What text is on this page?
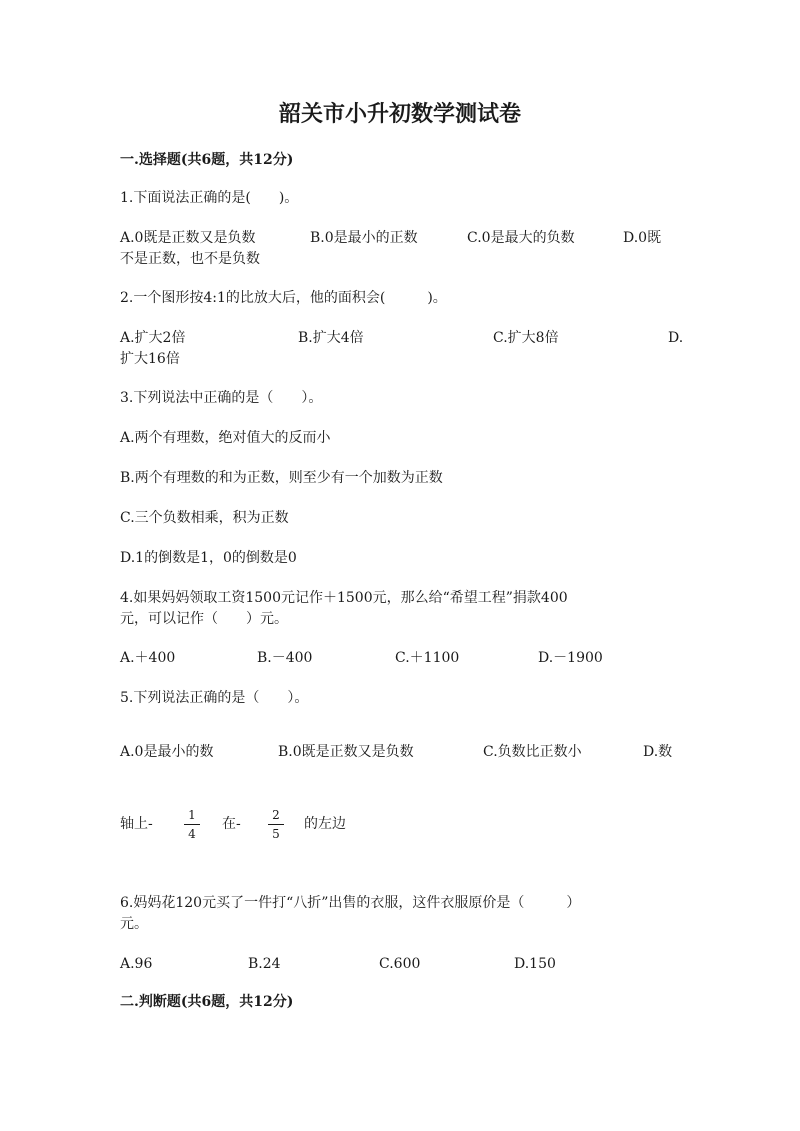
韶关市小升初数学测试卷
一.选择题(共6题，共12分)
1.下面说法正确的是(　　)。
A.0既是正数又是负数	B.0是最小的正数	C.0是最大的负数	D.0既
不是正数，也不是负数
2.一个图形按4:1的比放大后，他的面积会(　　　)。
A.扩大2倍	B.扩大4倍	C.扩大8倍	D.
扩大16倍
3.下列说法中正确的是（　　）。
A.两个有理数，绝对值大的反而小
B.两个有理数的和为正数，则至少有一个加数为正数
C.三个负数相乘，积为正数
D.1的倒数是1，0的倒数是0
4.如果妈妈领取工资1500元记作＋1500元，那么给“希望工程”捐款400
元，可以记作（　　）元。
A.＋400	B.－400	C.＋1100	D.－1900
5.下列说法正确的是（　　）。
A.0是最小的数	B.0既是正数又是负数	C.负数比正数小	D.数
轴上-
1
4
在-
2
5
的左边
6.妈妈花120元买了一件打“八折”出售的衣服，这件衣服原价是（　　　）
元。
A.96	B.24	C.600	D.150
二.判断题(共6题，共12分)
